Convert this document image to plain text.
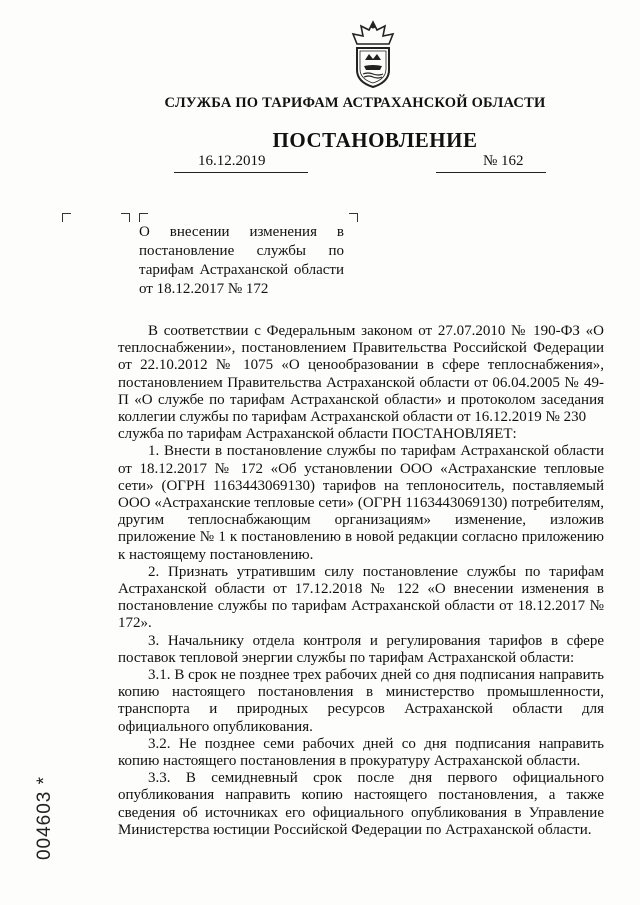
СЛУЖБА ПО ТАРИФАМ АСТРАХАНСКОЙ ОБЛАСТИ
ПОСТАНОВЛЕНИЕ
16.12.2019	№ 162
О внесении изменения в постановление службы по тарифам Астраханской области от 18.12.2017 № 172

В соответствии с Федеральным законом от 27.07.2010 № 190-ФЗ «О теплоснабжении», постановлением Правительства Российской Федерации от 22.10.2012 № 1075 «О ценообразовании в сфере теплоснабжения», постановлением Правительства Астраханской области от 06.04.2005 № 49-П «О службе по тарифам Астраханской области» и протоколом заседания коллегии службы по тарифам Астраханской области от 16.12.2019 № 230

служба по тарифам Астраханской области ПОСТАНОВЛЯЕТ:

1. Внести в постановление службы по тарифам Астраханской области от 18.12.2017 № 172 «Об установлении ООО «Астраханские тепловые сети» (ОГРН 1163443069130) тарифов на теплоноситель, поставляемый ООО «Астраханские тепловые сети» (ОГРН 1163443069130) потребителям, другим теплоснабжающим организациям» изменение, изложив приложение № 1 к постановлению в новой редакции согласно приложению к настоящему постановлению.

2. Признать утратившим силу постановление службы по тарифам Астраханской области от 17.12.2018 № 122 «О внесении изменения в постановление службы по тарифам Астраханской области от 18.12.2017 № 172».

3. Начальнику отдела контроля и регулирования тарифов в сфере поставок тепловой энергии службы по тарифам Астраханской области:

3.1. В срок не позднее трех рабочих дней со дня подписания направить копию настоящего постановления в министерство промышленности, транспорта и природных ресурсов Астраханской области для официального опубликования.

3.2. Не позднее семи рабочих дней со дня подписания направить копию настоящего постановления в прокуратуру Астраханской области.

3.3. В семидневный срок после дня первого официального опубликования направить копию настоящего постановления, а также сведения об источниках его официального опубликования в Управление Министерства юстиции Российской Федерации по Астраханской области.

004603 *
